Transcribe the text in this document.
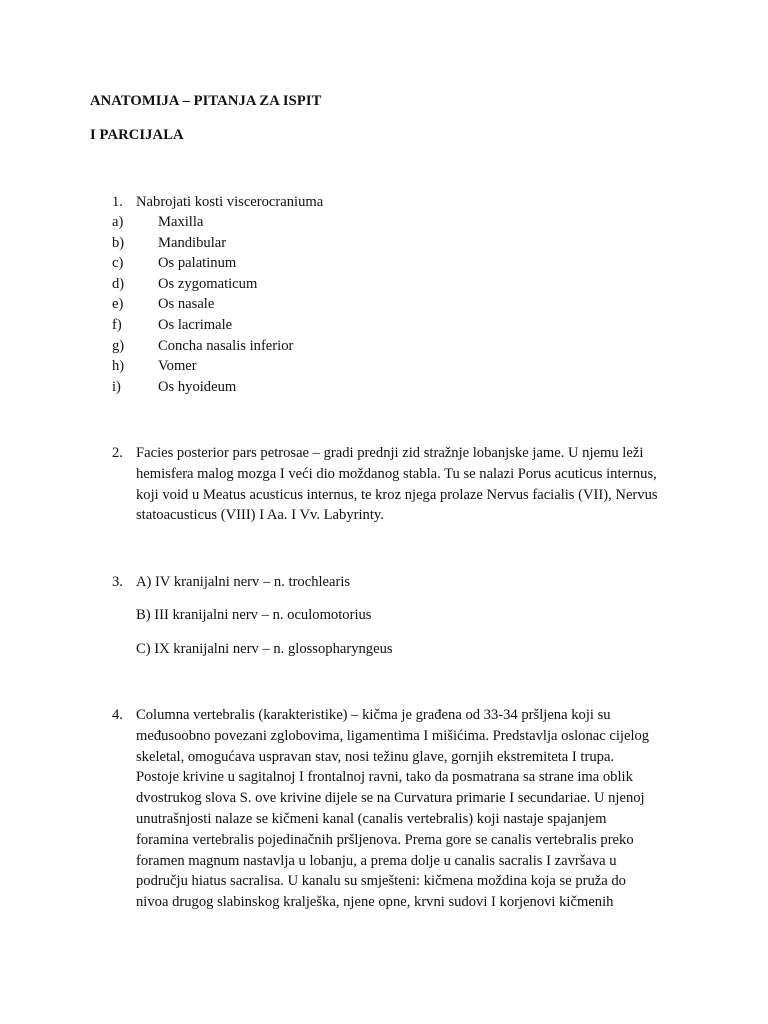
ANATOMIJA – PITANJA ZA ISPIT
I PARCIJALA
1. Nabrojati kosti viscerocraniuma
a)	Maxilla
b)	Mandibular
c)	Os palatinum
d)	Os zygomaticum
e)	Os nasale
f)	Os lacrimale
g)	Concha nasalis inferior
h)	Vomer
i)	Os hyoideum
2. Facies posterior pars petrosae – gradi prednji zid stražnje lobanjske jame. U njemu leži
hemisfera malog mozga I veći dio moždanog stabla. Tu se nalazi Porus acuticus internus,
koji void u Meatus acusticus internus, te kroz njega prolaze Nervus facialis (VII), Nervus
statoacusticus (VIII) I Aa. I Vv. Labyrinty.
3. A) IV kranijalni nerv – n. trochlearis
B) III kranijalni nerv – n. oculomotorius
C) IX kranijalni nerv – n. glossopharyngeus
4. Columna vertebralis (karakteristike) – kičma je građena od 33-34 pršljena koji su
međusoobno povezani zglobovima, ligamentima I mišićima. Predstavlja oslonac cijelog
skeletal, omogućava uspravan stav, nosi težinu glave, gornjih ekstremiteta I trupa.
Postoje krivine u sagitalnoj I frontalnoj ravni, tako da posmatrana sa strane ima oblik
dvostrukog slova S. ove krivine dijele se na Curvatura primarie I secundariae. U njenoj
unutrašnjosti nalaze se kičmeni kanal (canalis vertebralis) koji nastaje spajanjem
foramina vertebralis pojedinačnih pršljenova. Prema gore se canalis vertebralis preko
foramen magnum nastavlja u lobanju, a prema dolje u canalis sacralis I završava u
području hiatus sacralisa. U kanalu su smješteni: kičmena moždina koja se pruža do
nivoa drugog slabinskog kralješka, njene opne, krvni sudovi I korjenovi kičmenih
